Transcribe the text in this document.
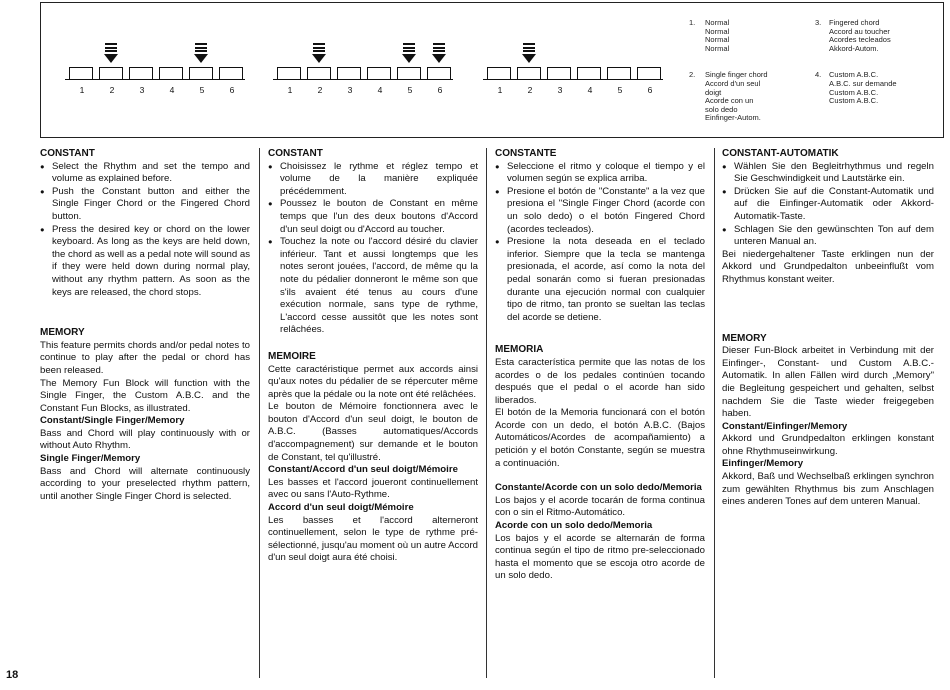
1	2	3	4	5	6	1	2	3	4	5	6	1	2	3	4	5	6
1. Normal
Normal
Normal
Normal
2. Single finger chord
Accord d'un seul
doigt
Acorde con un
solo dedo
Einfinger-Autom.
3. Fingered chord
Accord au toucher
Acordes tecleados
Akkord-Autom.
4. Custom A.B.C.
A.B.C. sur demande
Custom A.B.C.
Custom A.B.C.

CONSTANT

● Select the Rhythm and set the tempo and volume as explained before.

● Push the Constant button and either the Single Finger Chord or the Fingered Chord button.

● Press the desired key or chord on the lower keyboard. As long as the keys are held down, the chord as well as a pedal note will sound as if they were held down during normal play, without any rhythm pattern. As soon as the keys are released, the chord stops.

MEMORY

This feature permits chords and/or pedal notes to continue to play after the pedal or chord has been released.

The Memory Fun Block will function with the Single Finger, the Custom A.B.C. and the Constant Fun Blocks, as illustrated.

Constant/Single Finger/Memory

Bass and Chord will play continuously with or without Auto Rhythm.

Single Finger/Memory

Bass and Chord will alternate continuously according to your preselected rhythm pattern, until another Single Finger Chord is selected.

CONSTANT

● Choisissez le rythme et réglez tempo et volume de la manière expliquée précédemment.

● Poussez le bouton de Constant en même temps que l'un des deux boutons d'Accord d'un seul doigt ou d'Accord au toucher.

● Touchez la note ou l'accord désiré du clavier inférieur. Tant et aussi longtemps que les notes seront jouées, l'accord, de même qu la note du pédalier donneront le même son que s'ils avaient été tenus au cours d'une exécution normale, sans type de rythme, L'accord cesse aussitôt que les notes sont relâchées.

MEMOIRE

Cette caractéristique permet aux accords ainsi qu'aux notes du pédalier de se répercuter même après que la pédale ou la note ont été relâchées.

Le bouton de Mémoire fonctionnera avec le bouton d'Accord d'un seul doigt, le bouton de A.B.C. (Basses automatiques/Accords d'accompagnement) sur demande et le bouton de Constant, tel qu'illustré.

Constant/Accord d'un seul doigt/Mémoire

Les basses et l'accord joueront continuellement avec ou sans l'Auto-Rythme.

Accord d'un seul doigt/Mémoire

Les basses et l'accord alterneront continuellement, selon le type de rythme pré-sélectionné, jusqu'au moment où un autre Accord d'un seul doigt aura été choisi.

CONSTANTE

● Seleccione el ritmo y coloque el tiempo y el volumen según se explica arriba.

● Presione el botón de "Constante" a la vez que presiona el "Single Finger Chord (acorde con un solo dedo) o el botón Fingered Chord (acordes tecleados).

● Presione la nota deseada en el teclado inferior. Siempre que la tecla se mantenga presionada, el acorde, así como la nota del pedal sonarán como si fueran presionadas durante una ejecución normal con cualquier tipo de ritmo, tan pronto se sueltan las teclas del acorde se detiene.

MEMORIA

Esta característica permite que las notas de los acordes o de los pedales continúen tocando después que el pedal o el acorde han sido liberados.

El botón de la Memoria funcionará con el botón Acorde con un dedo, el botón A.B.C. (Bajos Automáticos/Acordes de acompañamiento) a petición y el botón Constante, según se muestra a continuación.

Constante/Acorde con un solo dedo/Memoria

Los bajos y el acorde tocarán de forma continua con o sin el Ritmo-Automático.

Acorde con un solo dedo/Memoria

Los bajos y el acorde se alternarán de forma continua según el tipo de ritmo pre-seleccionado hasta el momento que se escoja otro acorde de un solo dedo.

CONSTANT-AUTOMATIK

● Wählen Sie den Begleitrhythmus und regeln Sie Geschwindigkeit und Lautstärke ein.

● Drücken Sie auf die Constant-Automatik und auf die Einfinger-Automatik oder Akkord-Automatik-Taste.

● Schlagen Sie den gewünschten Ton auf dem unteren Manual an.

Bei niedergehaltener Taste erklingen nun der Akkord und Grundpedalton unbeeinflußt vom Rhythmus konstant weiter.

MEMORY

Dieser Fun-Block arbeitet in Verbindung mit der Einfinger-, Constant- und Custom A.B.C.-Automatik. In allen Fällen wird durch „Memory" die Begleitung gespeichert und gehalten, selbst nachdem Sie die Taste wieder freigegeben haben.

Constant/Einfinger/Memory

Akkord und Grundpedalton erklingen konstant ohne Rhythmuseinwirkung.

Einfinger/Memory

Akkord, Baß und Wechselbaß erklingen synchron zum gewählten Rhythmus bis zum Anschlagen eines anderen Tones auf dem unteren Manual.

18
